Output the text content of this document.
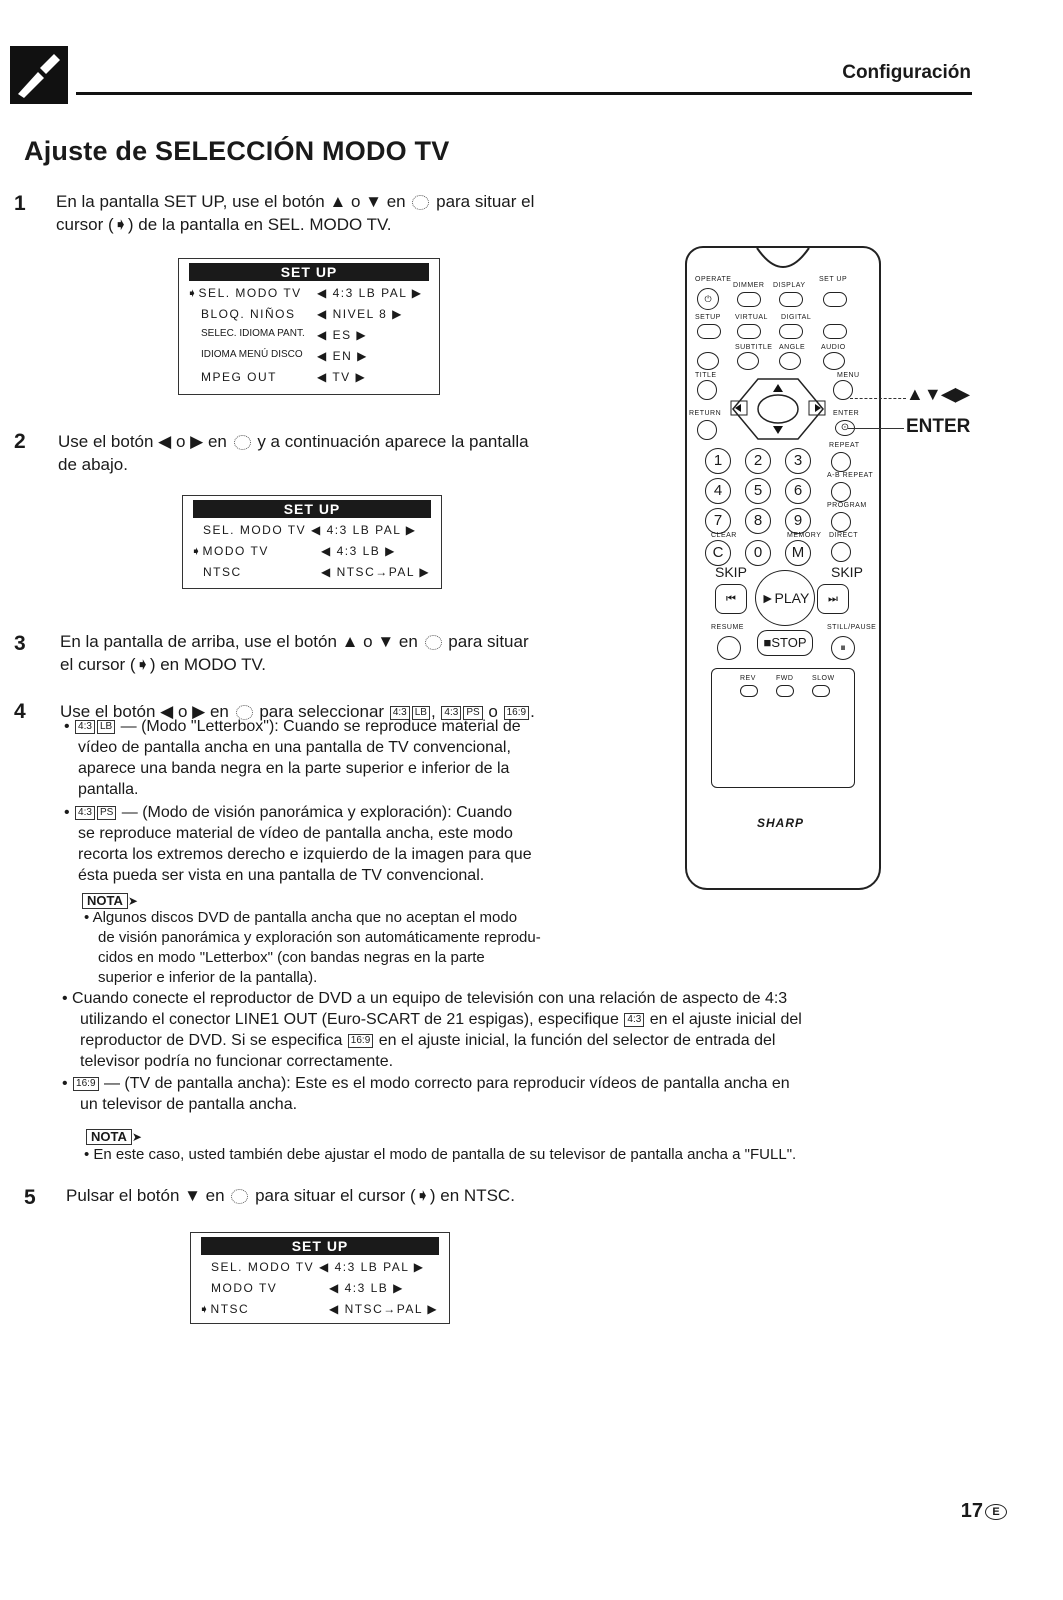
Configuración
Ajuste de SELECCIÓN MODO TV
1 En la pantalla SET UP, use el botón ▲ o ▼ en para situar el
cursor (➧) de la pantalla en SEL. MODO TV.
SET UP
➧SEL. MODO TV ◀ 4:3 LB PAL ▶
BLOQ. NIÑOS ◀ NIVEL 8 ▶
SELEC. IDIOMA PANT. ◀ ES ▶
IDIOMA MENÚ DISCO ◀ EN ▶
MPEG OUT	◀ TV ▶
2 Use el botón ◀ o ▶ en y a continuación aparece la pantalla
de abajo.
SET UP
SEL. MODO TV ◀ 4:3 LB PAL ▶
➧MODO TV	◀ 4:3 LB ▶
NTSC	◀ NTSC→PAL ▶
3 En la pantalla de arriba, use el botón ▲ o ▼ en para situar
el cursor (➧) en MODO TV.
4 Use el botón ◀ o ▶ en para seleccionar 4:3 LB , 4:3 PS o 16:9 .
• 4:3 LB — (Modo "Letterbox"): Cuando se reproduce material de
vídeo de pantalla ancha en una pantalla de TV convencional,
aparece una banda negra en la parte superior e inferior de la
pantalla.
• 4:3 PS — (Modo de visión panorámica y exploración): Cuando
se reproduce material de vídeo de pantalla ancha, este modo
recorta los extremos derecho e izquierdo de la imagen para que
ésta pueda ser vista en una pantalla de TV convencional.
NOTA ➤
• Algunos discos DVD de pantalla ancha que no aceptan el modo
de visión panorámica y exploración son automáticamente reprodu-
cidos en modo "Letterbox" (con bandas negras en la parte
superior e inferior de la pantalla).
• Cuando conecte el reproductor de DVD a un equipo de televisión con una relación de aspecto de 4:3
utilizando el conector LINE1 OUT (Euro-SCART de 21 espigas), especifique 4:3 en el ajuste inicial del
reproductor de DVD. Si se especifica 16:9 en el ajuste inicial, la función del selector de entrada del
televisor podría no funcionar correctamente.
• 16:9 — (TV de pantalla ancha): Este es el modo correcto para reproducir vídeos de pantalla ancha en
un televisor de pantalla ancha.
NOTA ➤
• En este caso, usted también debe ajustar el modo de pantalla de su televisor de pantalla ancha a "FULL".
5 Pulsar el botón ▼ en para situar el cursor (➧) en NTSC.
SET UP
SEL. MODO TV ◀ 4:3 LB PAL ▶
MODO TV	◀ 4:3 LB ▶
➧NTSC	◀ NTSC→PAL ▶
OPERATE
DIMMER DISPLAY
SET UP
⏻
SETUP VIRTUAL DIGITAL
SUBTITLE ANGLE AUDIO
TITLE	MENU
RETURN	ENTER
⊙
REPEAT
1	2	3
A-B REPEAT
4	5	6
PROGRAM
7	8	9
CLEAR	MEMORY DIRECT
C	0	M
SKIP	SKIP
⏮	⏭
►PLAY
RESUME	STILL/PAUSE
■STOP	⏸
REV	FWD	SLOW
SHARP
▲▼◀▶
ENTER
17 E
